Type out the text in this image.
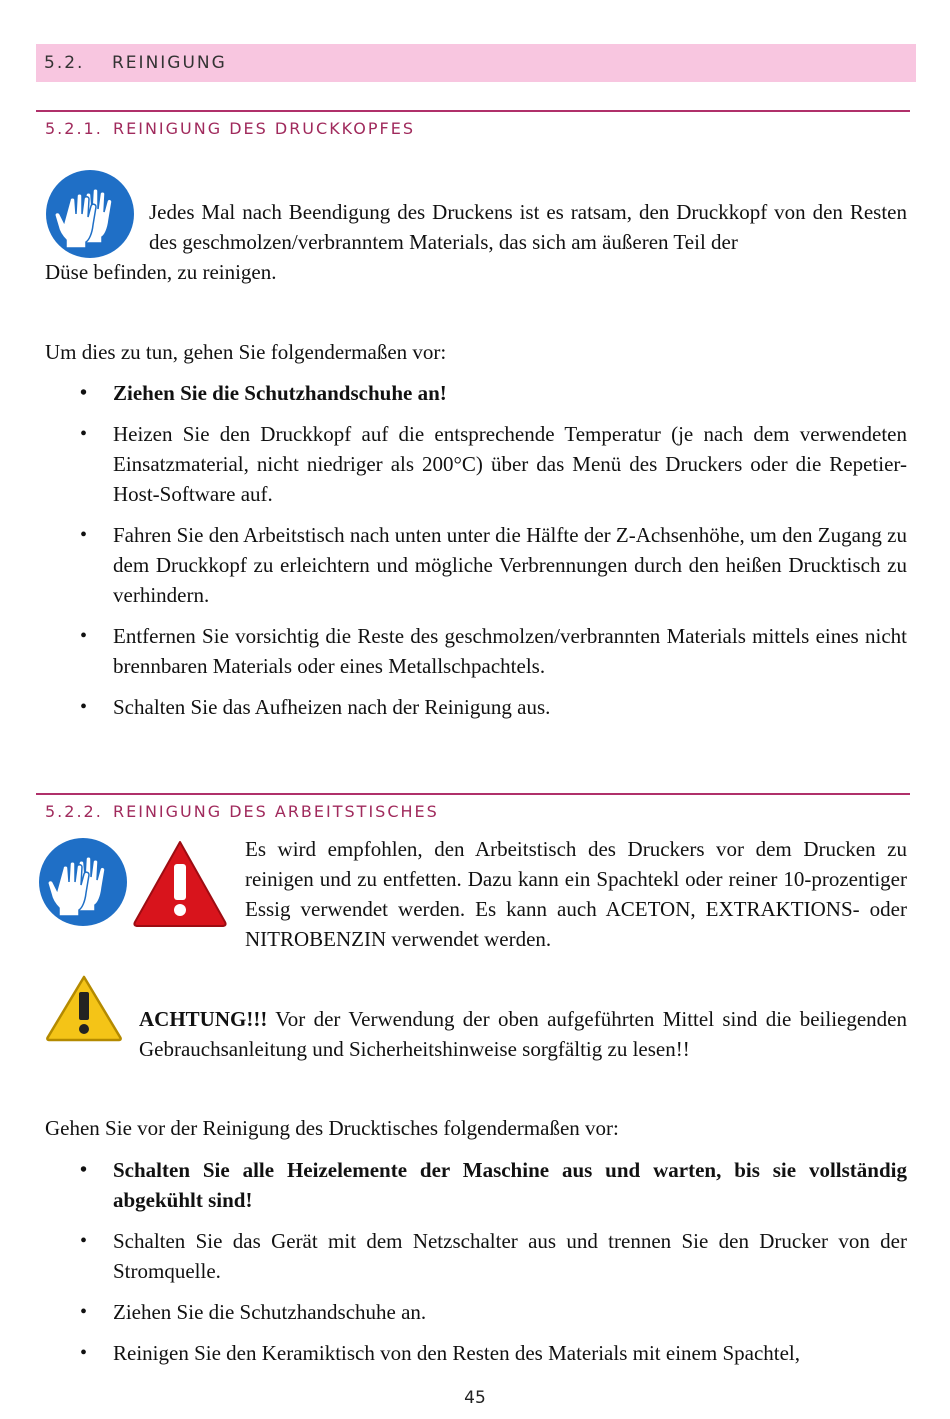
5.2. REINIGUNG
5.2.1. REINIGUNG DES DRUCKKOPFES

Jedes Mal nach Beendigung des Druckens ist es ratsam, den Druckkopf von den Resten des geschmolzen/verbranntem Materials, das sich am äußeren Teil der

Düse befinden, zu reinigen.

Um dies zu tun, gehen Sie folgendermaßen vor:

• Ziehen Sie die Schutzhandschuhe an!
• Heizen Sie den Druckkopf auf die entsprechende Temperatur (je nach dem verwendeten Einsatzmaterial, nicht niedriger als 200°C) über das Menü des Druckers oder die Repetier-Host-Software auf.
• Fahren Sie den Arbeitstisch nach unten unter die Hälfte der Z-Achsenhöhe, um den Zugang zu dem Druckkopf zu erleichtern und mögliche Verbrennungen durch den heißen Drucktisch zu verhindern.
• Entfernen Sie vorsichtig die Reste des geschmolzen/verbrannten Materials mittels eines nicht brennbaren Materials oder eines Metallschpachtels.
• Schalten Sie das Aufheizen nach der Reinigung aus.
5.2.2. REINIGUNG DES ARBEITSTISCHES

Es wird empfohlen, den Arbeitstisch des Druckers vor dem Drucken zu reinigen und zu entfetten. Dazu kann ein Spachtekl oder reiner 10-prozentiger Essig verwendet werden. Es kann auch ACETON, EXTRAKTIONS- oder NITROBENZIN verwendet werden.

ACHTUNG!!! Vor der Verwendung der oben aufgeführten Mittel sind die beiliegenden Gebrauchsanleitung und Sicherheitshinweise sorgfältig zu lesen!!

Gehen Sie vor der Reinigung des Drucktisches folgendermaßen vor:

• Schalten Sie alle Heizelemente der Maschine aus und warten, bis sie vollständig abgekühlt sind!
• Schalten Sie das Gerät mit dem Netzschalter aus und trennen Sie den Drucker von der Stromquelle.
• Ziehen Sie die Schutzhandschuhe an.
• Reinigen Sie den Keramiktisch von den Resten des Materials mit einem Spachtel,
45
